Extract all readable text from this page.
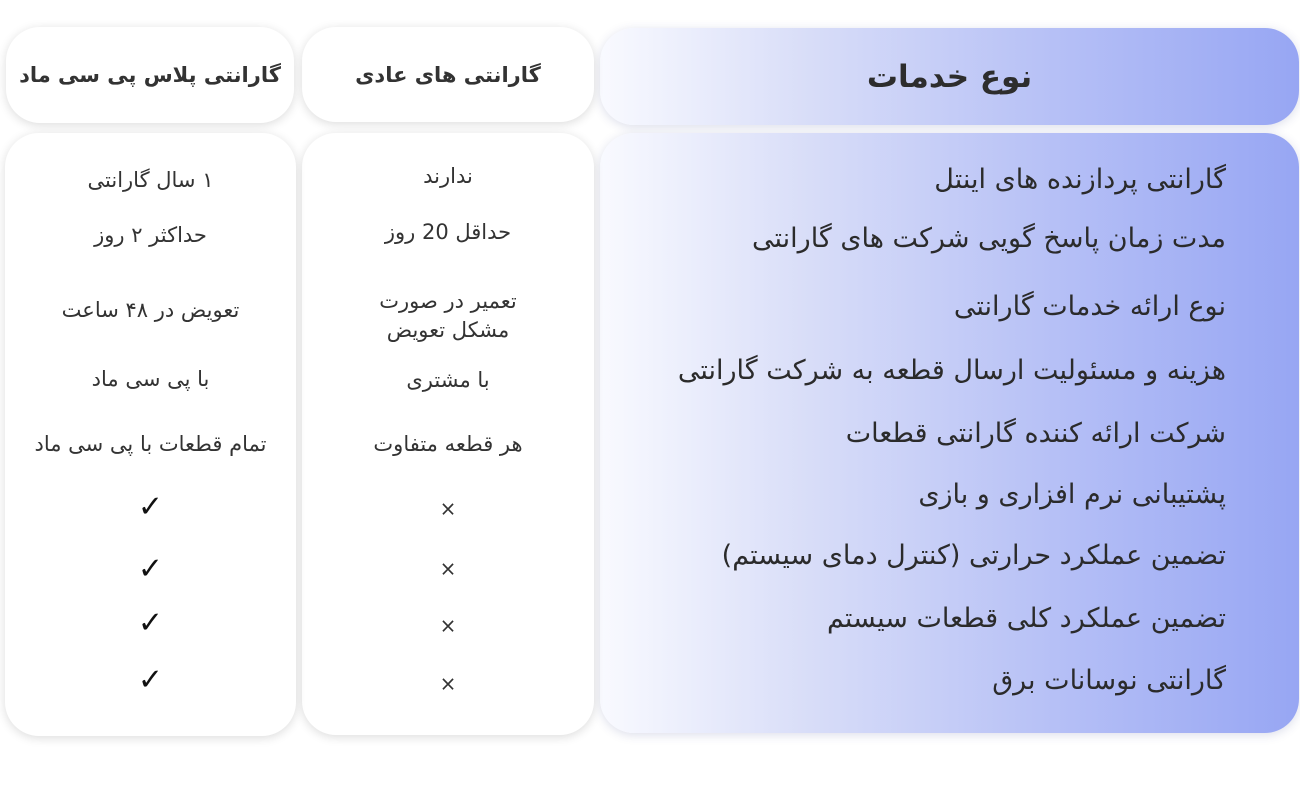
نوع خدمات
گارانتی های عادی
گارانتی پلاس پی سی ماد
گارانتی پردازنده های اینتل
مدت زمان پاسخ گویی شرکت های گارانتی
نوع ارائه خدمات گارانتی
هزینه و مسئولیت ارسال قطعه به شرکت گارانتی
شرکت ارائه کننده گارانتی قطعات
پشتیبانی نرم افزاری و بازی
تضمین عملکرد حرارتی (کنترل دمای سیستم)
تضمین عملکرد کلی قطعات سیستم
گارانتی نوسانات برق
ندارند
حداقل 20 روز
تعمیر در صورت
مشکل تعویض
با مشتری
هر قطعه متفاوت
×
×
×
×
۱ سال گارانتی
حداکثر ۲ روز
تعویض در ۴۸ ساعت
با پی سی ماد
تمام قطعات با پی سی ماد
✓
✓
✓
✓
